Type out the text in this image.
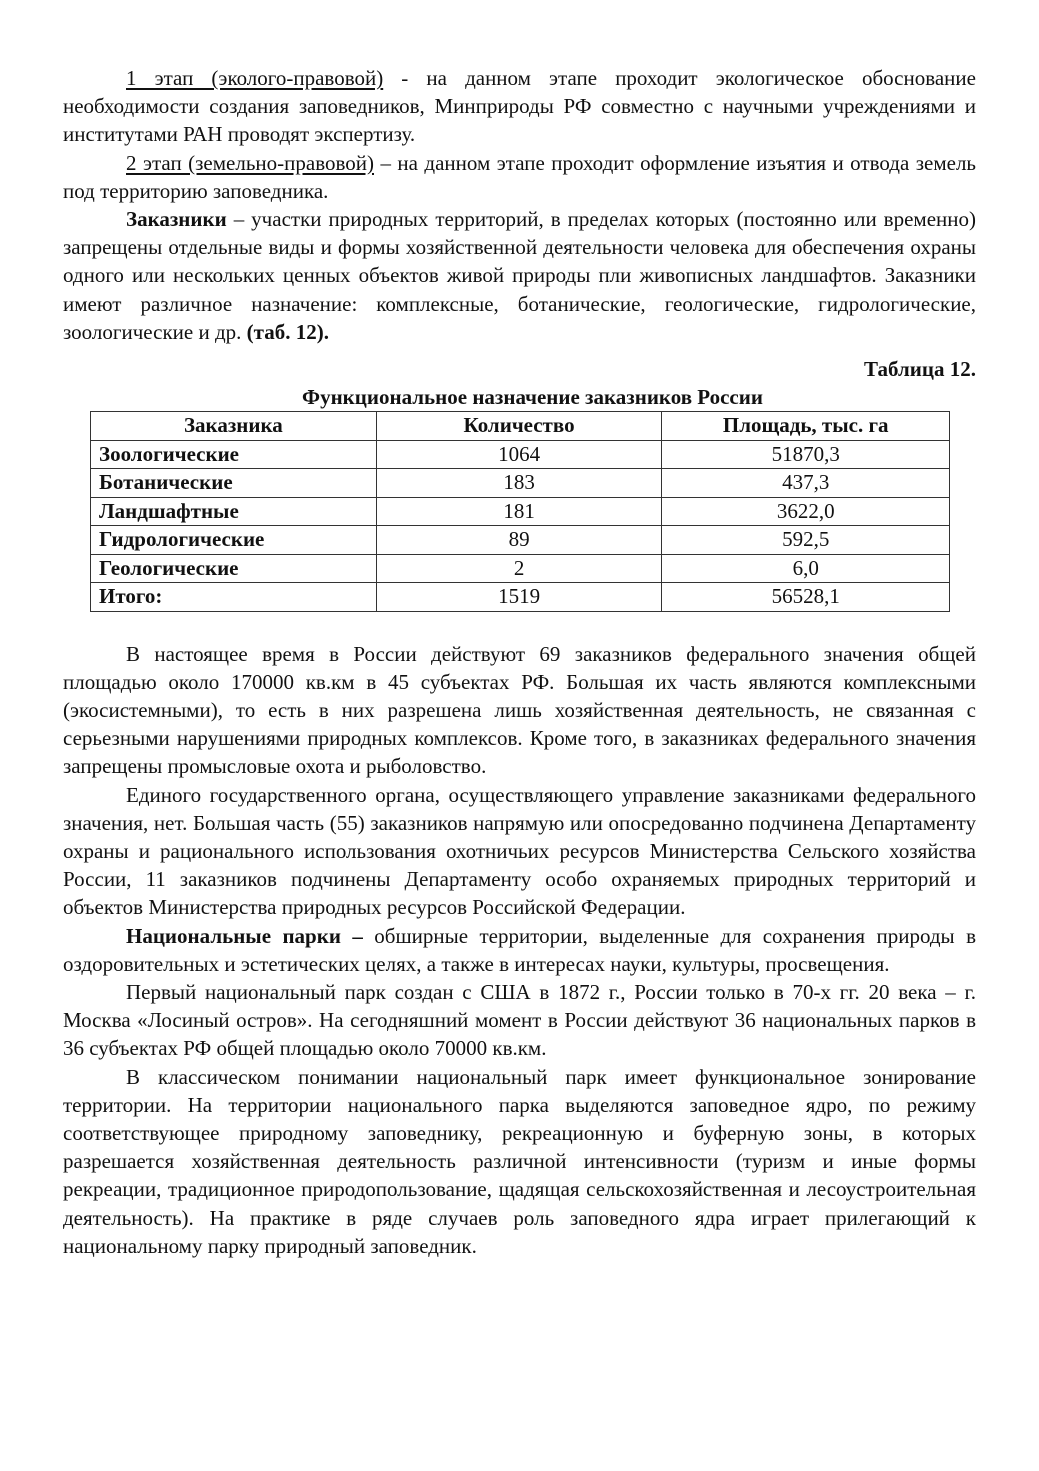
1 этап (эколого-правовой) - на данном этапе проходит экологическое обоснование необходимости создания заповедников, Минприроды РФ совместно с научными учреждениями и институтами РАН проводят экспертизу.

2 этап (земельно-правовой) – на данном этапе проходит оформление изъятия и отвода земель под территорию заповедника.

Заказники – участки природных территорий, в пределах которых (постоянно или временно) запрещены отдельные виды и формы хозяйственной деятельности человека для обеспечения охраны одного или нескольких ценных объектов живой природы пли живописных ландшафтов. Заказники имеют различное назначение: комплексные, ботанические, геологические, гидрологические, зоологические и др. (таб. 12).

Таблица 12.
Функциональное назначение заказников России
Заказника	Количество	Площадь, тыс. га
Зоологические	1064	51870,3
Ботанические	183	437,3
Ландшафтные	181	3622,0
Гидрологические	89	592,5
Геологические	2	6,0
Итого:	1519	56528,1

В настоящее время в России действуют 69 заказников федерального значения общей площадью около 170000 кв.км в 45 субъектах РФ. Большая их часть являются комплексными (экосистемными), то есть в них разрешена лишь хозяйственная деятельность, не связанная с серьезными нарушениями природных комплексов. Кроме того, в заказниках федерального значения запрещены промысловые охота и рыболовство.

Единого государственного органа, осуществляющего управление заказниками федерального значения, нет. Большая часть (55) заказников напрямую или опосредованно подчинена Департаменту охраны и рационального использования охотничьих ресурсов Министерства Сельского хозяйства России, 11 заказников подчинены Департаменту особо охраняемых природных территорий и объектов Министерства природных ресурсов Российской Федерации.

Национальные парки – обширные территории, выделенные для сохранения природы в оздоровительных и эстетических целях, а также в интересах науки, культуры, просвещения.

Первый национальный парк создан с США в 1872 г., России только в 70-х гг. 20 века – г. Москва «Лосиный остров». На сегодняшний момент в России действуют 36 национальных парков в 36 субъектах РФ общей площадью около 70000 кв.км.

В классическом понимании национальный парк имеет функциональное зонирование территории. На территории национального парка выделяются заповедное ядро, по режиму соответствующее природному заповеднику, рекреационную и буферную зоны, в которых разрешается хозяйственная деятельность различной интенсивности (туризм и иные формы рекреации, традиционное природопользование, щадящая сельскохозяйственная и лесоустроительная деятельность). На практике в ряде случаев роль заповедного ядра играет прилегающий к национальному парку природный заповедник.
